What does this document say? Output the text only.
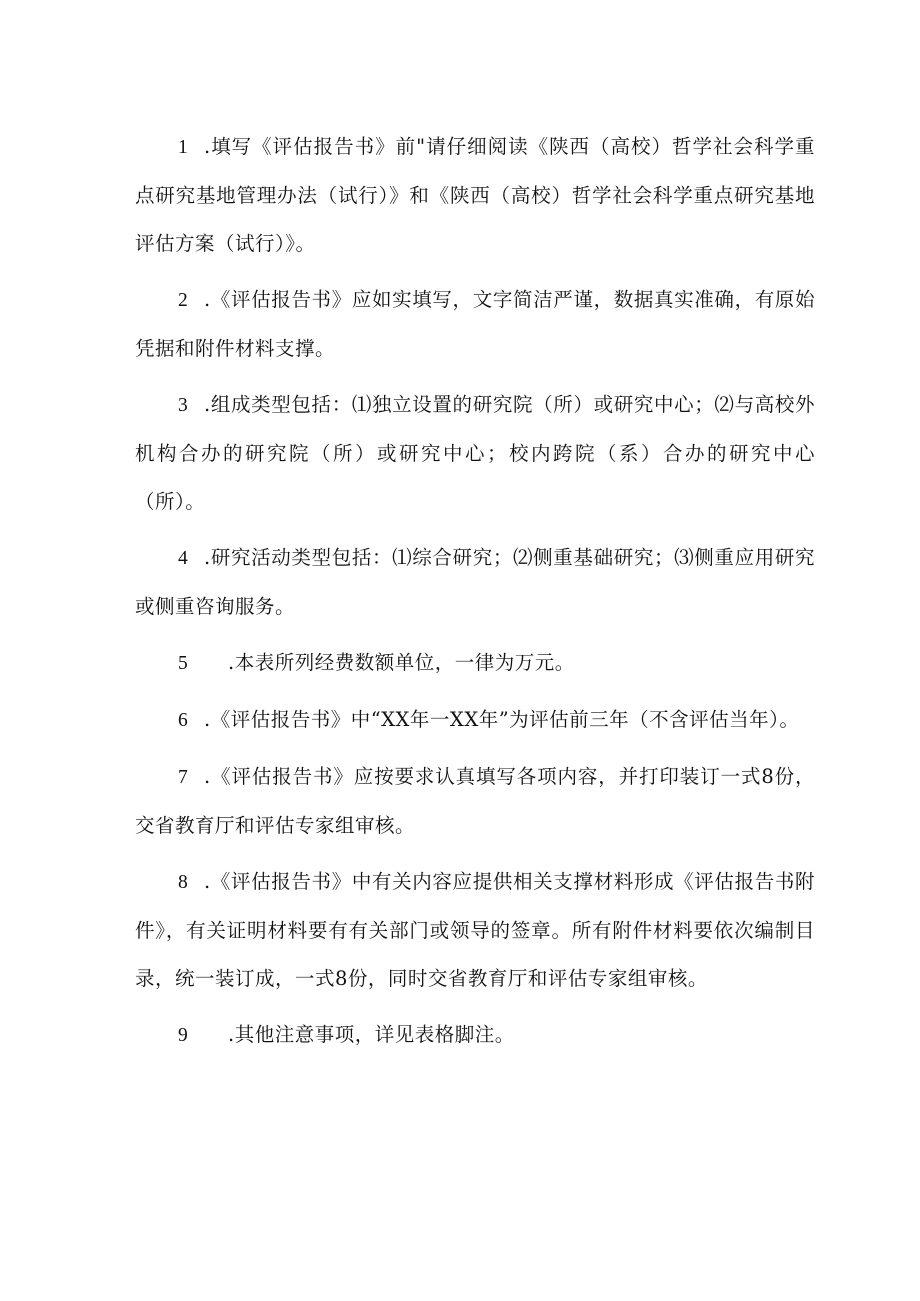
1 .填写《评估报告书》前"请仔细阅读《陕西（高校）哲学社会科学重点研究基地管理办法（试行）》和《陕西（高校）哲学社会科学重点研究基地评估方案（试行）》。

2 .《评估报告书》应如实填写，文字简洁严谨，数据真实准确，有原始凭据和附件材料支撑。

3 .组成类型包括：⑴独立设置的研究院（所）或研究中心；⑵与高校外机构合办的研究院（所）或研究中心；校内跨院（系）合办的研究中心（所）。

4 .研究活动类型包括：⑴综合研究；⑵侧重基础研究；⑶侧重应用研究或侧重咨询服务。

5 .本表所列经费数额单位，一律为万元。

6 .《评估报告书》中“XX年一XX年”为评估前三年（不含评估当年）。

7 .《评估报告书》应按要求认真填写各项内容，并打印装订一式8份，交省教育厅和评估专家组审核。

8 .《评估报告书》中有关内容应提供相关支撑材料形成《评估报告书附件》，有关证明材料要有有关部门或领导的签章。所有附件材料要依次编制目录，统一装订成，一式8份，同时交省教育厅和评估专家组审核。

9 .其他注意事项，详见表格脚注。
